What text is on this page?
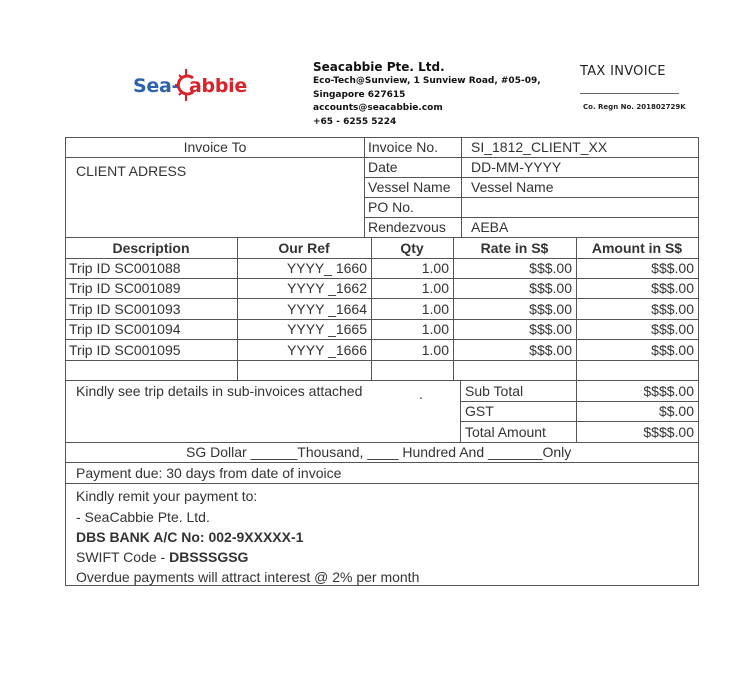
Sea- abbie
Seacabbie Pte. Ltd.
Eco-Tech@Sunview, 1 Sunview Road, #05-09,
Singapore 627615
accounts@seacabbie.com
+65 - 6255 5224
TAX INVOICE
Co. Regn No. 201802729K
Invoice To
CLIENT ADRESS
Invoice No. SI_1812_CLIENT_XX
Date	DD-MM-YYYY
Vessel Name Vessel Name
PO No.
Rendezvous AEBA
Description	Our Ref	Qty	Rate in S$	Amount in S$
Trip ID SC001088	YYYY_ 1660	1.00	$$$.00	$$$.00
Trip ID SC001089	YYYY _1662	1.00	$$$.00	$$$.00
Trip ID SC001093	YYYY _1664	1.00	$$$.00	$$$.00
Trip ID SC001094	YYYY _1665	1.00	$$$.00	$$$.00
Trip ID SC001095	YYYY _1666	1.00	$$$.00	$$$.00
Kindly see trip details in sub-invoices attached	.	Sub Total	$$$$.00
GST	$$.00
Total Amount	$$$$.00
SG Dollar ______Thousand, ____ Hundred And _______Only
Payment due: 30 days from date of invoice
Kindly remit your payment to:
- SeaCabbie Pte. Ltd.
DBS BANK A/C No: 002-9XXXXX-1
SWIFT Code - DBSSSGSG
Overdue payments will attract interest @ 2% per month
